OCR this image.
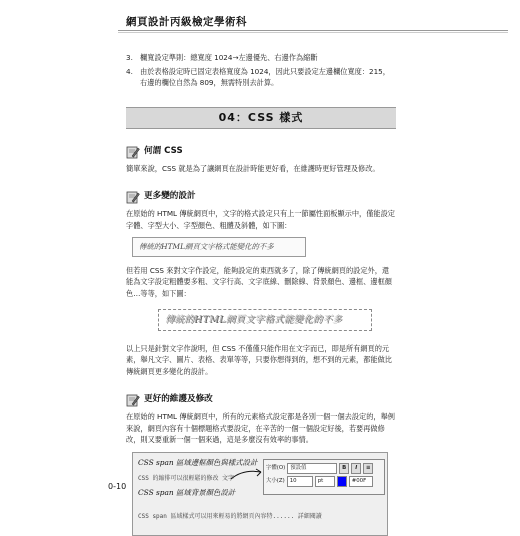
網頁設計丙級檢定學術科
3. 欄寬設定準則：總寬度 1024→左邊優先、右邊作為縮斷
4. 由於表格設定時已固定表格寬度為 1024，因此只要設定左邊欄位寬度：215，右邊的欄位自然為 809，無需特別去計算。
04：CSS 樣式
何謂 CSS
簡單來說，CSS 就是為了讓網頁在設計時能更好看，在維護時更好管理及修改。
更多變的設計
在原始的 HTML 傳統網頁中，文字的格式設定只有上一節屬性面板顯示中，僅能設定 字體、字型大小、字型顏色、粗體及斜體，如下圖：
傳統的HTML網頁文字格式能變化的不多
但若用 CSS 來對文字作設定，能夠設定的東西就多了，除了傳統網頁的設定外，還能為文字設定粗體要多粗、文字行高、文字底線、刪除線、背景顏色、邊框、邊框顏色…等等，如下圖：
傳統的HTML網頁文字格式能變化的不多
以上只是針對文字作說明，但 CSS 不僅僅只能作用在文字而已，即是所有網頁的元素，舉凡文字、圖片、表格、表單等等，只要你想得到的，想不到的元素，都能做比傳統網頁更多變化的設計。
更好的維護及修改
在原始的 HTML 傳統網頁中，所有的元素格式設定都是各別一個一個去設定的，舉例來說，網頁內容有十個標題格式要設定，在辛苦的一個一個設定好後，若要再做修改，則又要重新一個一個來過，這是多麼沒有效率的事情。
CSS span 區域邊框顏色與樣式設計
CSS 的縮排可以很輕鬆的修改 文字
CSS span 區域背景顏色設計
CSS span 區域樣式可以用來輕易的將網頁內容特...... 詳細閱讀
字體(O) 預設值	B	I	≡
大小(Z) 10	pt	#00F
0-10
